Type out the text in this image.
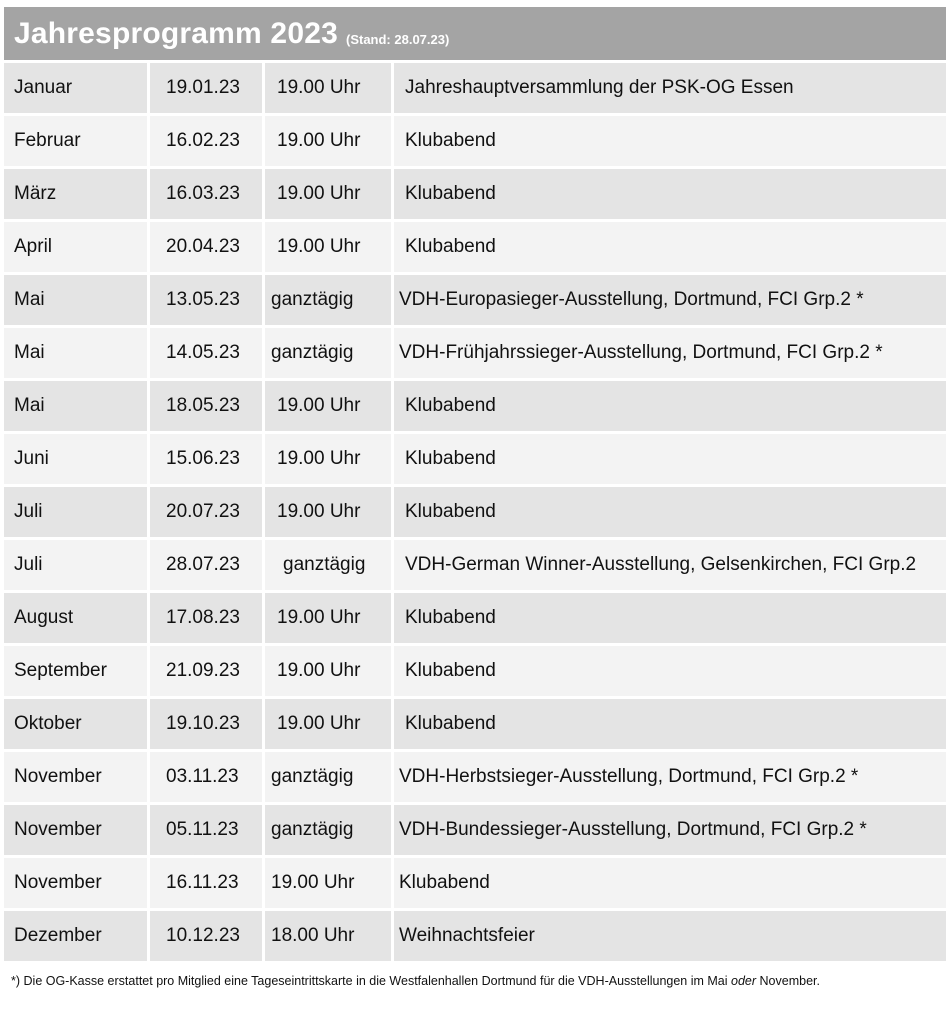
Jahresprogramm 2023 (Stand: 28.07.23)
Januar	19.01.23	19.00 Uhr	Jahreshauptversammlung der PSK-OG Essen
Februar	16.02.23	19.00 Uhr	Klubabend
März	16.03.23	19.00 Uhr	Klubabend
April	20.04.23	19.00 Uhr	Klubabend
Mai	13.05.23	ganztägig	VDH-Europasieger-Ausstellung, Dortmund, FCI Grp.2 *
Mai	14.05.23	ganztägig	VDH-Frühjahrssieger-Ausstellung, Dortmund, FCI Grp.2 *
Mai	18.05.23	19.00 Uhr	Klubabend
Juni	15.06.23	19.00 Uhr	Klubabend
Juli	20.07.23	19.00 Uhr	Klubabend
Juli	28.07.23	ganztägig	VDH-German Winner-Ausstellung, Gelsenkirchen, FCI Grp.2
August	17.08.23	19.00 Uhr	Klubabend
September	21.09.23	19.00 Uhr	Klubabend
Oktober	19.10.23	19.00 Uhr	Klubabend
November	03.11.23	ganztägig	VDH-Herbstsieger-Ausstellung, Dortmund, FCI Grp.2 *
November	05.11.23	ganztägig	VDH-Bundessieger-Ausstellung, Dortmund, FCI Grp.2 *
November	16.11.23	19.00 Uhr	Klubabend
Dezember	10.12.23	18.00 Uhr	Weihnachtsfeier
*) Die OG-Kasse erstattet pro Mitglied eine Tageseintrittskarte in die Westfalenhallen Dortmund für die VDH-Ausstellungen im Mai oder November.
